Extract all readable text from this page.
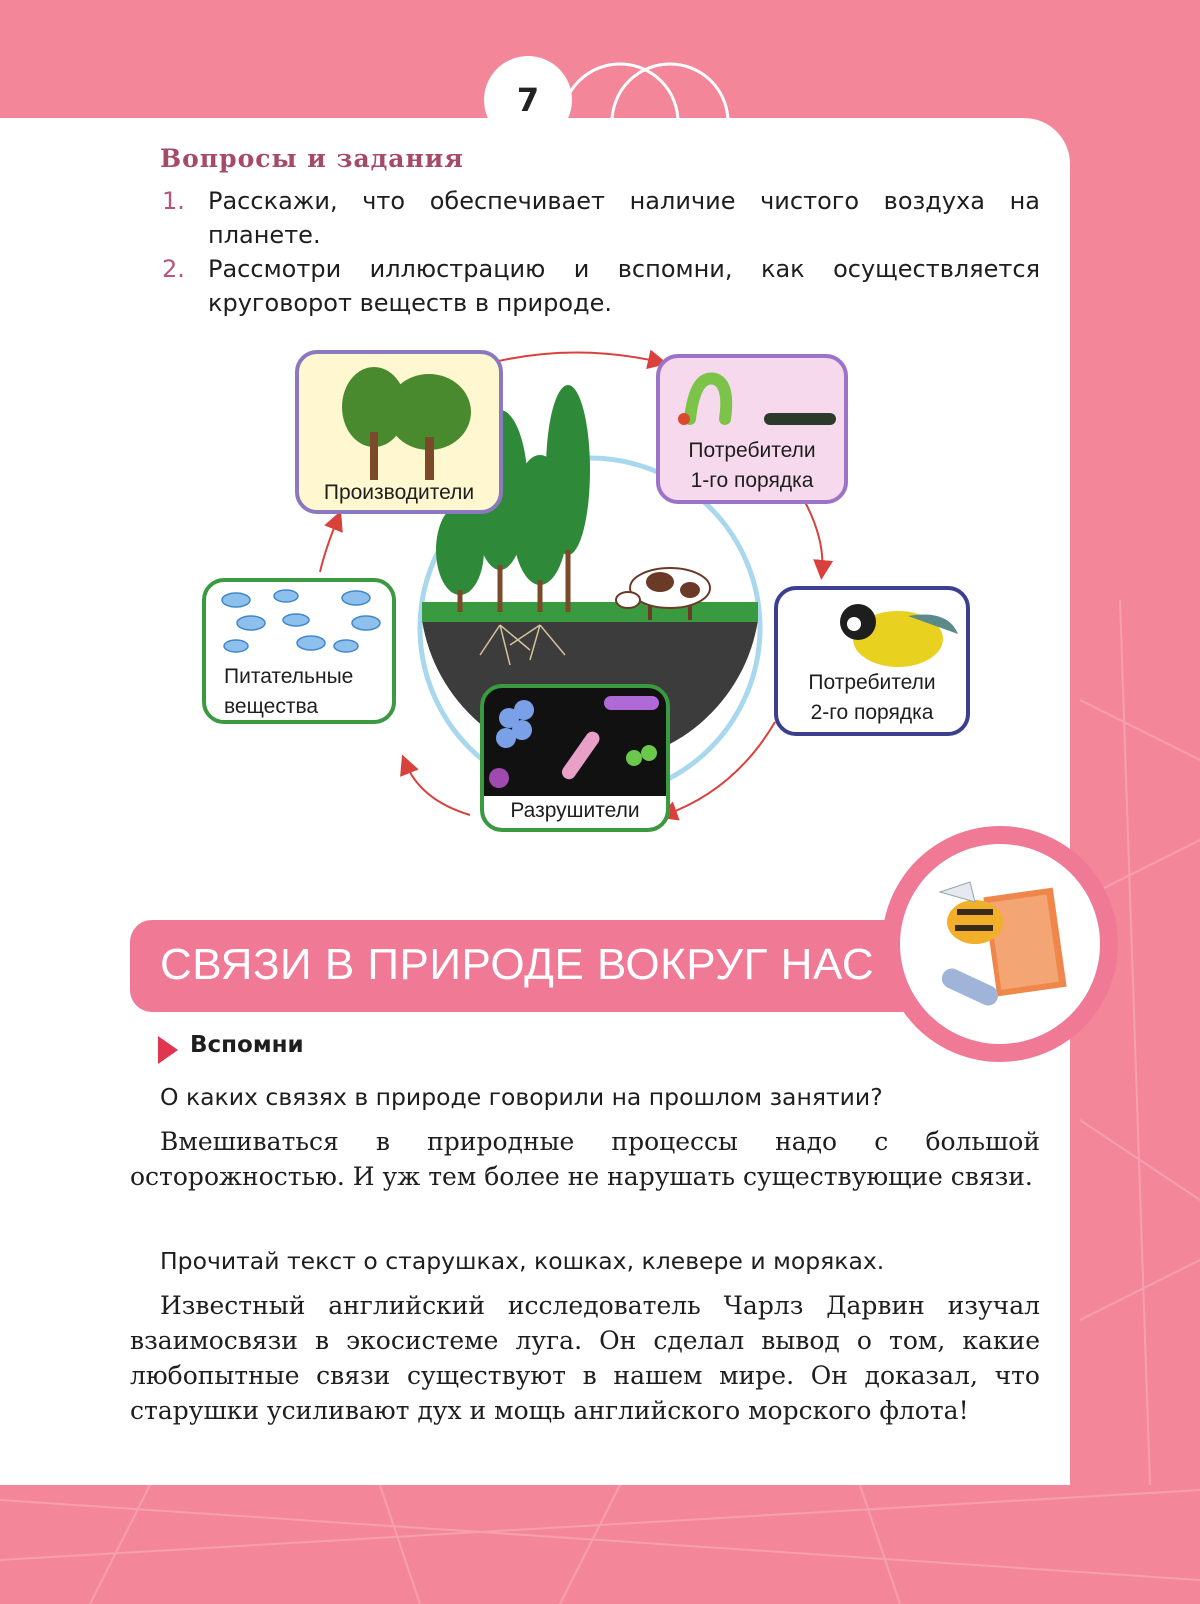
7
Вопросы и задания
1. Расскажи, что обеспечивает наличие чистого воздуха на планете.
2. Рассмотри иллюстрацию и вспомни, как осуществляется круговорот веществ в природе.
Производители
Потребители
1-го порядка
Потребители
2-го порядка
Разрушители
Питательные
вещества
СВЯЗИ В ПРИРОДЕ ВОКРУГ НАС
Вспомни
О каких связях в природе говорили на прошлом занятии?
Вмешиваться в природные процессы надо с большой осторожностью. И уж тем более не нарушать существующие связи.
Прочитай текст о старушках, кошках, клевере и моряках.
Известный английский исследователь Чарлз Дарвин изучал взаимосвязи в экосистеме луга. Он сделал вывод о том, какие любопытные связи существуют в нашем мире. Он доказал, что старушки усиливают дух и мощь английского морского флота!
